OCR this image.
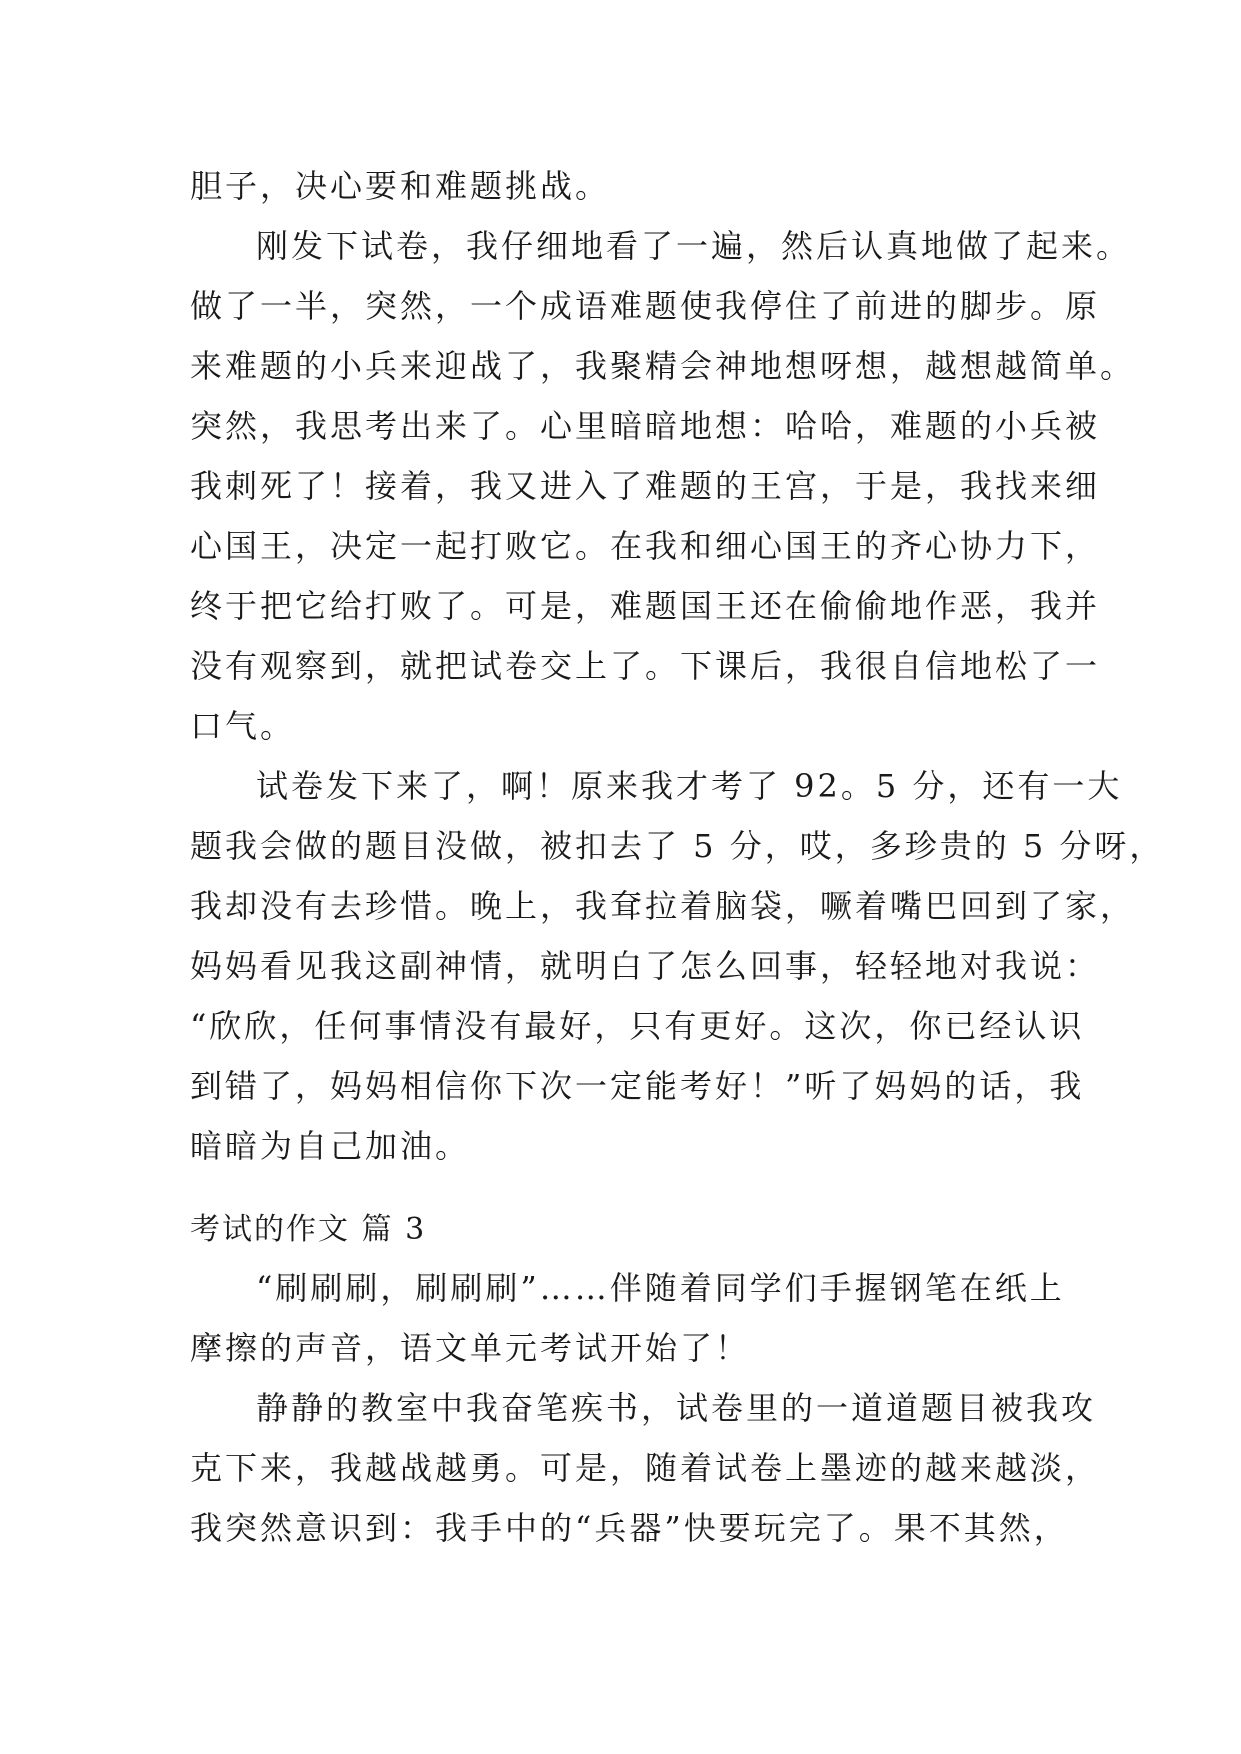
胆子，决心要和难题挑战。
刚发下试卷，我仔细地看了一遍，然后认真地做了起来。
做了一半，突然，一个成语难题使我停住了前进的脚步。原
来难题的小兵来迎战了，我聚精会神地想呀想，越想越简单。
突然，我思考出来了。心里暗暗地想：哈哈，难题的小兵被
我刺死了！接着，我又进入了难题的王宫，于是，我找来细
心国王，决定一起打败它。在我和细心国王的齐心协力下，
终于把它给打败了。可是，难题国王还在偷偷地作恶，我并
没有观察到，就把试卷交上了。下课后，我很自信地松了一
口气。
试卷发下来了，啊！原来我才考了 92。5 分，还有一大
题我会做的题目没做，被扣去了 5 分，哎，多珍贵的 5 分呀，
我却没有去珍惜。晚上，我耷拉着脑袋，噘着嘴巴回到了家，
妈妈看见我这副神情，就明白了怎么回事，轻轻地对我说：
“欣欣，任何事情没有最好，只有更好。这次，你已经认识
到错了，妈妈相信你下次一定能考好！”听了妈妈的话，我
暗暗为自己加油。
考试的作文 篇 3
“刷刷刷，刷刷刷”……伴随着同学们手握钢笔在纸上
摩擦的声音，语文单元考试开始了！
静静的教室中我奋笔疾书，试卷里的一道道题目被我攻
克下来，我越战越勇。可是，随着试卷上墨迹的越来越淡，
我突然意识到：我手中的“兵器”快要玩完了。果不其然，
